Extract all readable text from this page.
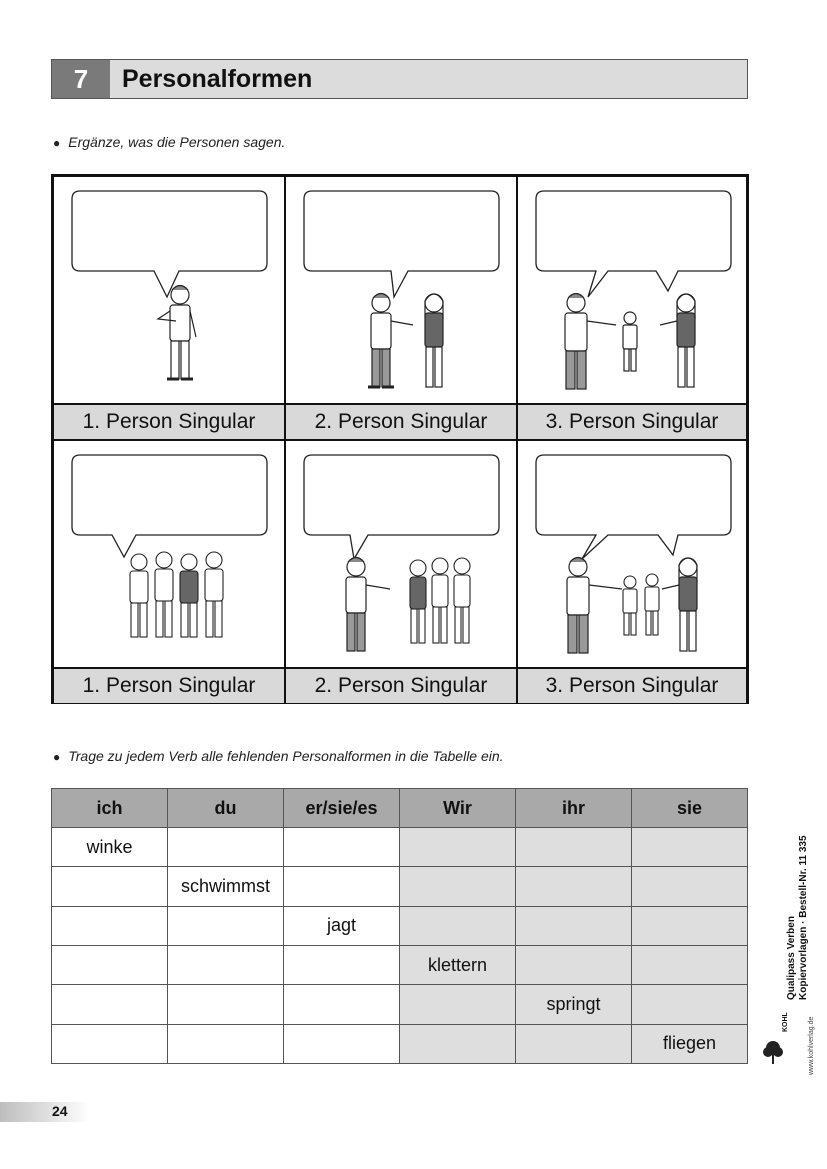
7	Personalformen
● Ergänze, was die Personen sagen.
1. Person Singular	2. Person Singular	3. Person Singular
1. Person Singular	2. Person Singular	3. Person Singular
● Trage zu jedem Verb alle fehlenden Personalformen in die Tabelle ein.
ich	du	er/sie/es	Wir	ihr	sie
winke					
	schwimmst				
		jagt			
			klettern		
				springt	
					fliegen
Qualipass Verben Kopiervorlagen · Bestell-Nr. 11 335
www.kohlverlag.de
KOHL
24
